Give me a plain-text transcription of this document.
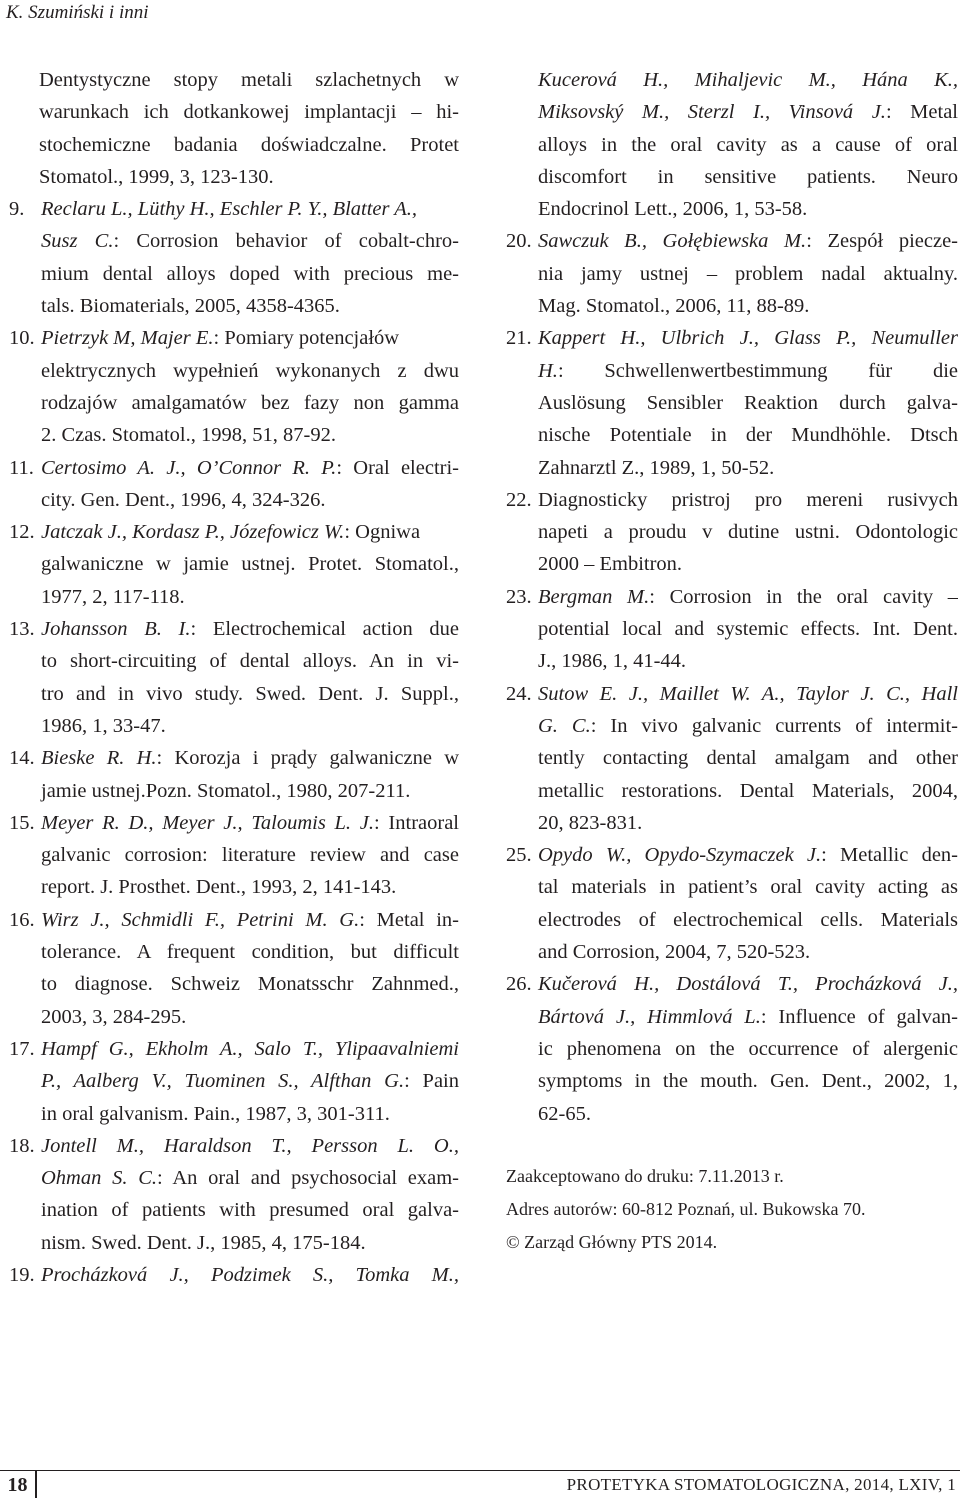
K. Szumiński i inni
Dentystyczne stopy metali szlachetnych w
warunkach ich dotkankowej implantacji – hi-
stochemiczne badania doświadczalne. Protet
Stomatol., 1999, 3, 123-130.
9. Reclaru L., Lüthy H., Eschler P. Y., Blatter A.,
Susz C.: Corrosion behavior of cobalt-chro-
mium dental alloys doped with precious me-
tals. Biomaterials, 2005, 4358-4365.
10. Pietrzyk M, Majer E.: Pomiary potencjałów
elektrycznych wypełnień wykonanych z dwu
rodzajów amalgamatów bez fazy non gamma
2. Czas. Stomatol., 1998, 51, 87-92.
11. Certosimo A. J., O’Connor R. P.: Oral electri-
city. Gen. Dent., 1996, 4, 324-326.
12. Jatczak J., Kordasz P., Józefowicz W.: Ogniwa
galwaniczne w jamie ustnej. Protet. Stomatol.,
1977, 2, 117-118.
13. Johansson B. I.: Electrochemical action due
to short-circuiting of dental alloys. An in vi-
tro and in vivo study. Swed. Dent. J. Suppl.,
1986, 1, 33-47.
14. Bieske R. H.: Korozja i prądy galwaniczne w
jamie ustnej.Pozn. Stomatol., 1980, 207-211.
15. Meyer R. D., Meyer J., Taloumis L. J.: Intraoral
galvanic corrosion: literature review and case
report. J. Prosthet. Dent., 1993, 2, 141-143.
16. Wirz J., Schmidli F., Petrini M. G.: Metal in-
tolerance. A frequent condition, but difficult
to diagnose. Schweiz Monatsschr Zahnmed.,
2003, 3, 284-295.
17. Hampf G., Ekholm A., Salo T., Ylipaavalniemi
P., Aalberg V., Tuominen S., Alfthan G.: Pain
in oral galvanism. Pain., 1987, 3, 301-311.
18. Jontell M., Haraldson T., Persson L. O.,
Ohman S. C.: An oral and psychosocial exam-
ination of patients with presumed oral galva-
nism. Swed. Dent. J., 1985, 4, 175-184.
19. Procházková J., Podzimek S., Tomka M.,
Kucerová H., Mihaljevic M., Hána K.,
Miksovský M., Sterzl I., Vinsová J.: Metal
alloys in the oral cavity as a cause of oral
discomfort in sensitive patients. Neuro
Endocrinol Lett., 2006, 1, 53-58.
20. Sawczuk B., Gołębiewska M.: Zespół piecze-
nia jamy ustnej – problem nadal aktualny.
Mag. Stomatol., 2006, 11, 88-89.
21. Kappert H., Ulbrich J., Glass P., Neumuller
H.: Schwellenwertbestimmung für die
Auslösung Sensibler Reaktion durch galva-
nische Potentiale in der Mundhöhle. Dtsch
Zahnarztl Z., 1989, 1, 50-52.
22. Diagnosticky pristroj pro mereni rusivych
napeti a proudu v dutine ustni. Odontologic
2000 – Embitron.
23. Bergman M.: Corrosion in the oral cavity –
potential local and systemic effects. Int. Dent.
J., 1986, 1, 41-44.
24. Sutow E. J., Maillet W. A., Taylor J. C., Hall
G. C.: In vivo galvanic currents of intermit-
tently contacting dental amalgam and other
metallic restorations. Dental Materials, 2004,
20, 823-831.
25. Opydo W., Opydo-Szymaczek J.: Metallic den-
tal materials in patient’s oral cavity acting as
electrodes of electrochemical cells. Materials
and Corrosion, 2004, 7, 520-523.
26. Kučerová H., Dostálová T., Procházková J.,
Bártová J., Himmlová L.: Influence of galvan-
ic phenomena on the occurrence of alergenic
symptoms in the mouth. Gen. Dent., 2002, 1,
62-65.
Zaakceptowano do druku: 7.11.2013 r.
Adres autorów: 60-812 Poznań, ul. Bukowska 70.
© Zarząd Główny PTS 2014.
18	PROTETYKA STOMATOLOGICZNA, 2014, LXIV, 1
